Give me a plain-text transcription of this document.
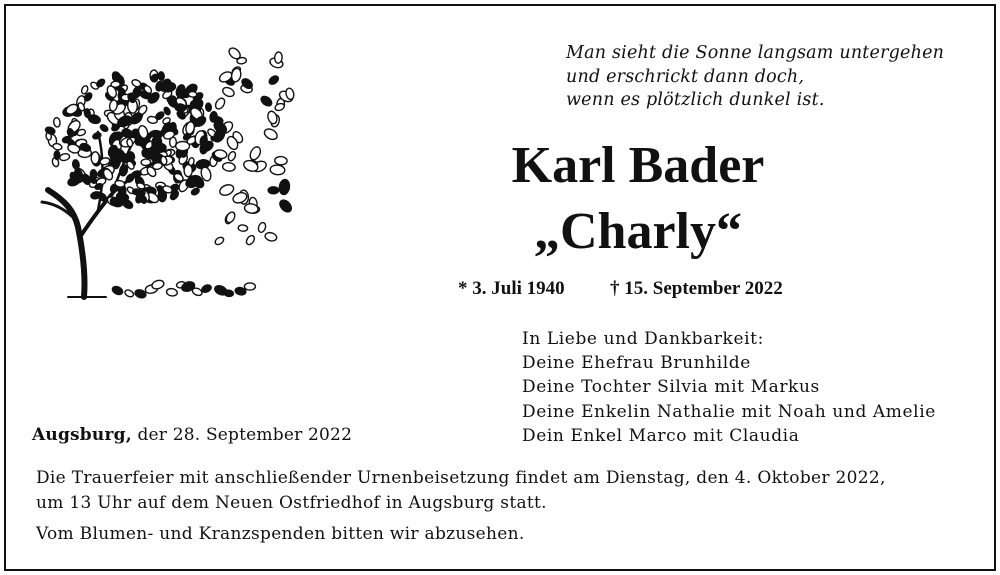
Man sieht die Sonne langsam untergehen
und erschrickt dann doch,
wenn es plötzlich dunkel ist.
Karl Bader
„Charly“
* 3. Juli 1940 † 15. September 2022
In Liebe und Dankbarkeit:
Deine Ehefrau Brunhilde
Deine Tochter Silvia mit Markus
Deine Enkelin Nathalie mit Noah und Amelie
Dein Enkel Marco mit Claudia
Augsburg, der 28. September 2022
Die Trauerfeier mit anschließender Urnenbeisetzung findet am Dienstag, den 4. Oktober 2022,
um 13 Uhr auf dem Neuen Ostfriedhof in Augsburg statt.
Vom Blumen- und Kranzspenden bitten wir abzusehen.
